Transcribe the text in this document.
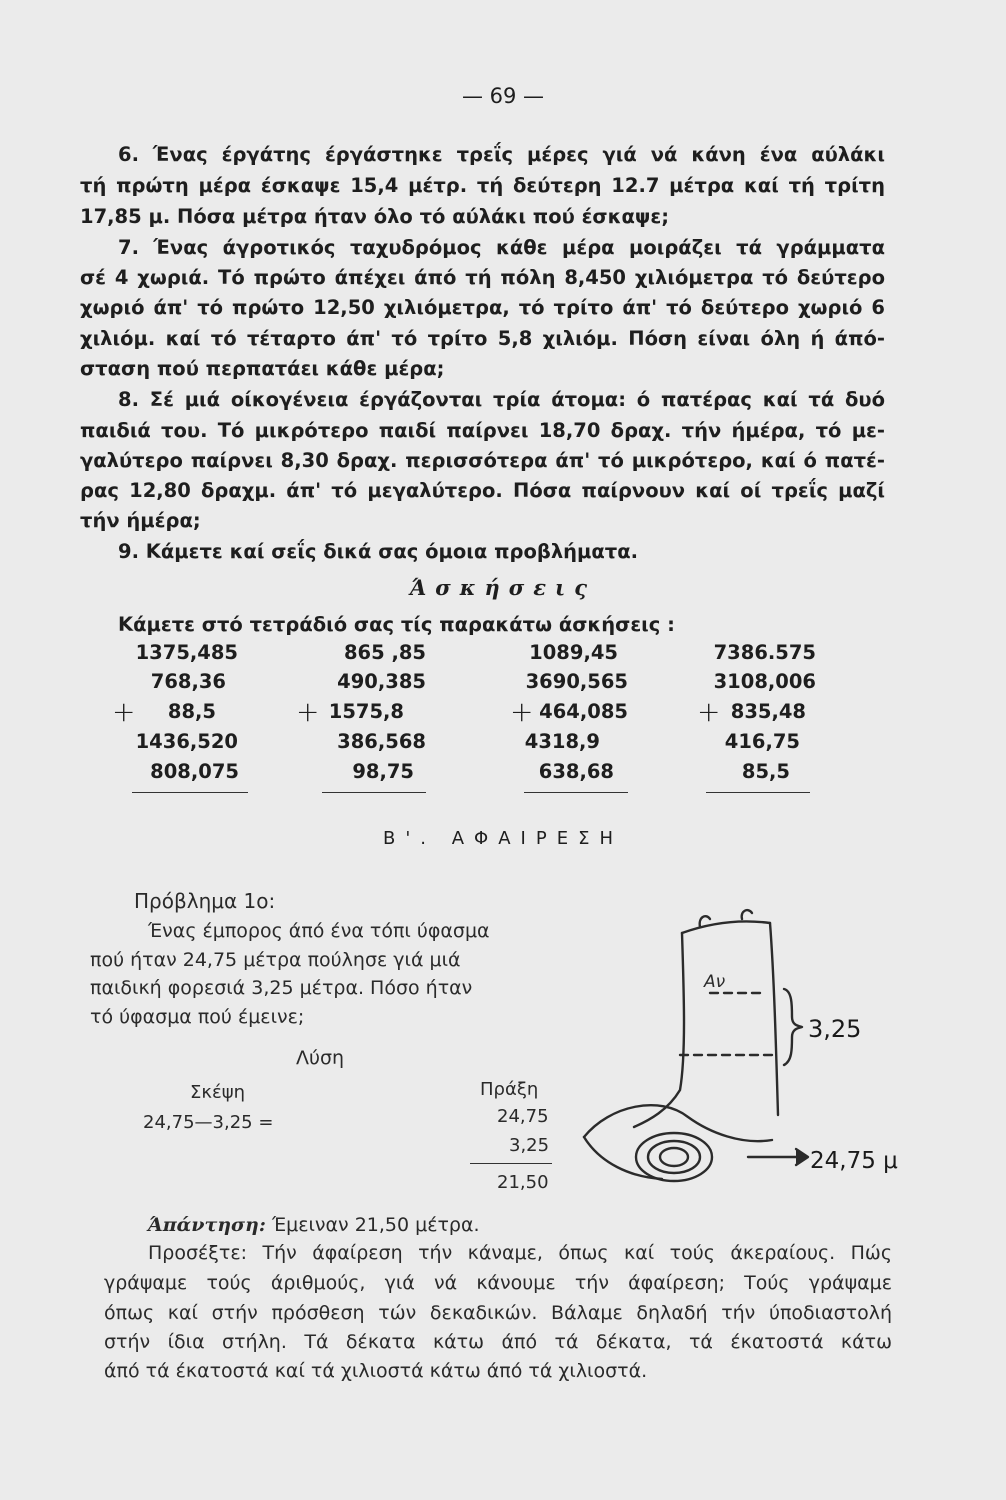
— 69 —
6. Ένας έργάτης έργάστηκε τρεΐς μέρες γιά νά κάνη ένα αύλάκι
τή πρώτη μέρα έσκαψε 15,4 μέτρ. τή δεύτερη 12.7 μέτρα καί τή τρίτη
17,85 μ. Πόσα μέτρα ήταν όλο τό αύλάκι πού έσκαψε;
7. Ένας άγροτικός ταχυδρόμος κάθε μέρα μοιράζει τά γράμματα
σέ 4 χωριά. Τό πρώτο άπέχει άπό τή πόλη 8,450 χιλιόμετρα τό δεύτερο
χωριό άπ' τό πρώτο 12,50 χιλιόμετρα, τό τρίτο άπ' τό δεύτερο χωριό 6
χιλιόμ. καί τό τέταρτο άπ' τό τρίτο 5,8 χιλιόμ. Πόση είναι όλη ή άπό-
σταση πού περπατάει κάθε μέρα;
8. Σέ μιά οίκογένεια έργάζονται τρία άτομα: ό πατέρας καί τά δυό
παιδιά του. Τό μικρότερο παιδί παίρνει 18,70 δραχ. τήν ήμέρα, τό με-
γαλύτερο παίρνει 8,30 δραχ. περισσότερα άπ' τό μικρότερο, καί ό πατέ-
ρας 12,80 δραχμ. άπ' τό μεγαλύτερο. Πόσα παίρνουν καί οί τρεΐς μαζί
τήν ήμέρα;
9. Κάμετε καί σεΐς δικά σας όμοια προβλήματα.
Άσκήσεις
Κάμετε στό τετράδιό σας τίς παρακάτω άσκήσεις :
1375,485
768,36
88,5
1436,520
808,075
+
865 ,85
490,385
1575,8
386,568
98,75
+
1089,45
3690,565
464,085
4318,9
638,68
+
7386.575
3108,006
835,48
416,75
85,5
+
Β'. ΑΦΑΙΡΕΣΗ
Πρόβλημα 1ο:
Ένας έμπορος άπό ένα τόπι ύφασμα
πού ήταν 24,75 μέτρα πούλησε γιά μιά
παιδική φορεσιά 3,25 μέτρα. Πόσο ήταν
τό ύφασμα πού έμεινε;
Λύση
Σκέψη
24,75—3,25 =
Πράξη
24,75
3,25
21,50
Αν
3,25
24,75 μ
Άπάντηση: Έμειναν 21,50 μέτρα.
Προσέξτε: Τήν άφαίρεση τήν κάναμε, όπως καί τούς άκεραίους. Πώς
γράψαμε τούς άριθμούς, γιά νά κάνουμε τήν άφαίρεση; Τούς γράψαμε
όπως καί στήν πρόσθεση τών δεκαδικών. Βάλαμε δηλαδή τήν ύποδιαστολή
στήν ίδια στήλη. Τά δέκατα κάτω άπό τά δέκατα, τά έκατοστά κάτω
άπό τά έκατοστά καί τά χιλιοστά κάτω άπό τά χιλιοστά.
